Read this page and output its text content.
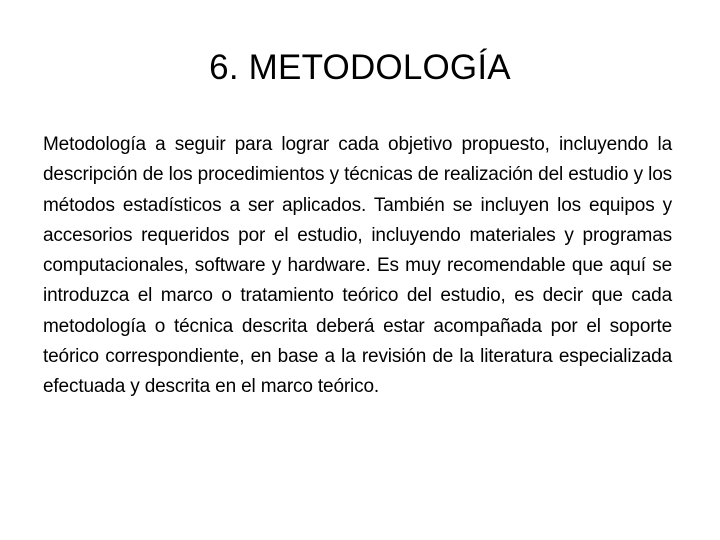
6. METODOLOGÍA

Metodología a seguir para lograr cada objetivo propuesto, incluyendo la descripción de los procedimientos y técnicas de realización del estudio y los métodos estadísticos a ser aplicados. También se incluyen los equipos y accesorios requeridos por el estudio, incluyendo materiales y programas computacionales, software y hardware. Es muy recomendable que aquí se introduzca el marco o tratamiento teórico del estudio, es decir que cada metodología o técnica descrita deberá estar acompañada por el soporte teórico correspondiente, en base a la revisión de la literatura especializada efectuada y descrita en el marco teórico.
